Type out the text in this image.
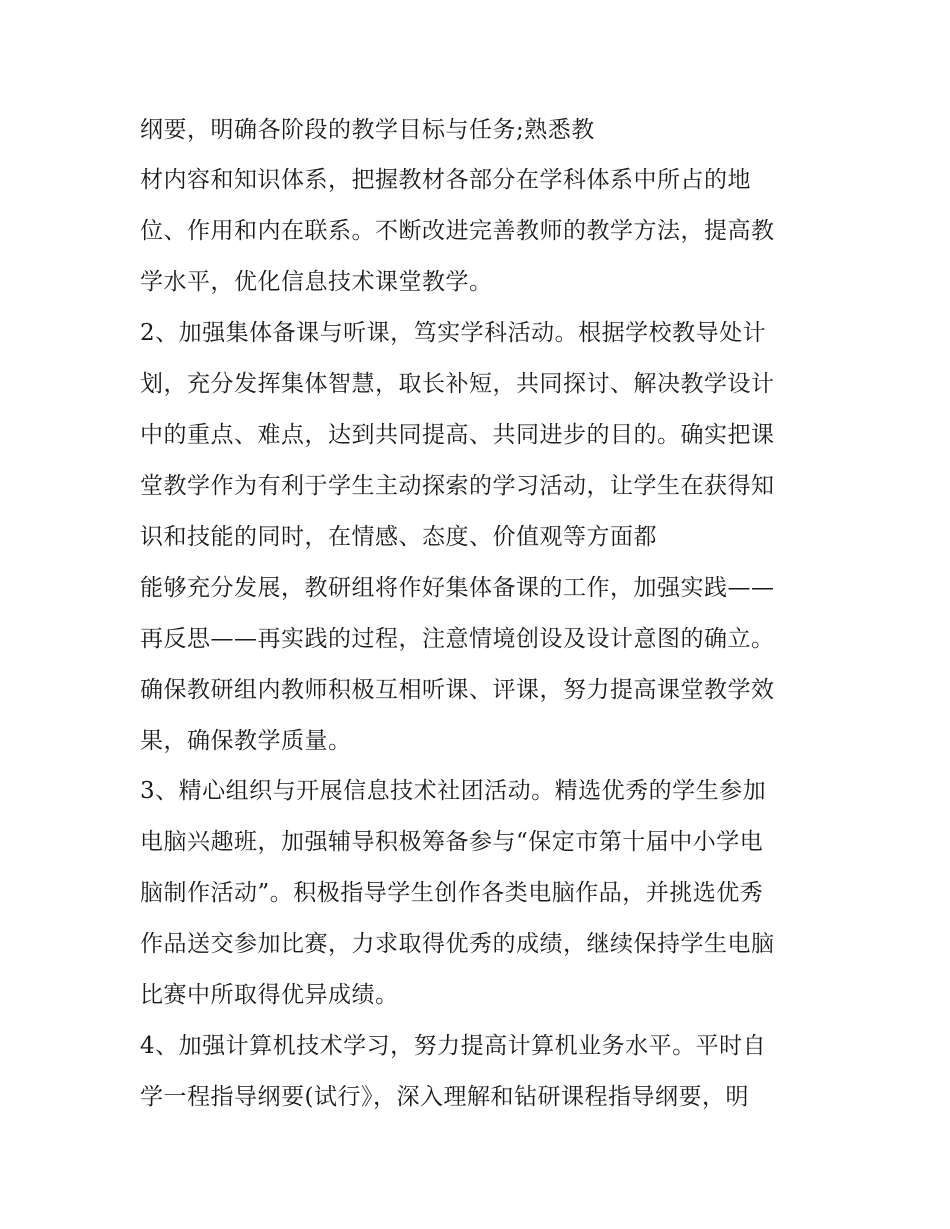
纲要，明确各阶段的教学目标与任务;熟悉教
材内容和知识体系，把握教材各部分在学科体系中所占的地
位、作用和内在联系。不断改进完善教师的教学方法，提高教
学水平，优化信息技术课堂教学。
2、加强集体备课与听课，笃实学科活动。根据学校教导处计
划，充分发挥集体智慧，取长补短，共同探讨、解决教学设计
中的重点、难点，达到共同提高、共同进步的目的。确实把课
堂教学作为有利于学生主动探索的学习活动，让学生在获得知
识和技能的同时，在情感、态度、价值观等方面都
能够充分发展，教研组将作好集体备课的工作，加强实践——
再反思——再实践的过程，注意情境创设及设计意图的确立。
确保教研组内教师积极互相听课、评课，努力提高课堂教学效
果，确保教学质量。
3、精心组织与开展信息技术社团活动。精选优秀的学生参加
电脑兴趣班，加强辅导积极筹备参与“保定市第十届中小学电
脑制作活动”。积极指导学生创作各类电脑作品，并挑选优秀
作品送交参加比赛，力求取得优秀的成绩，继续保持学生电脑
比赛中所取得优异成绩。
4、加强计算机技术学习，努力提高计算机业务水平。平时自
学一程指导纲要(试行》，深入理解和钻研课程指导纲要，明
